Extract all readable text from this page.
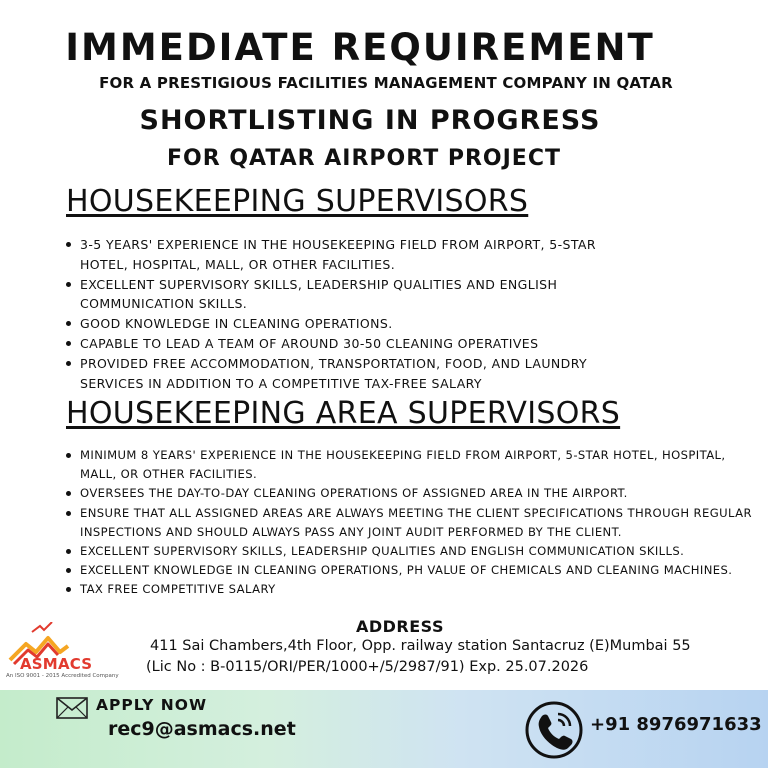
IMMEDIATE REQUIREMENT
FOR A PRESTIGIOUS FACILITIES MANAGEMENT COMPANY IN QATAR
SHORTLISTING IN PROGRESS
FOR QATAR AIRPORT PROJECT
HOUSEKEEPING SUPERVISORS
3-5 YEARS' EXPERIENCE IN THE HOUSEKEEPING FIELD FROM AIRPORT, 5-STAR HOTEL, HOSPITAL, MALL, OR OTHER FACILITIES.
EXCELLENT SUPERVISORY SKILLS, LEADERSHIP QUALITIES AND ENGLISH COMMUNICATION SKILLS.
GOOD KNOWLEDGE IN CLEANING OPERATIONS.
CAPABLE TO LEAD A TEAM OF AROUND 30-50 CLEANING OPERATIVES
PROVIDED FREE ACCOMMODATION, TRANSPORTATION, FOOD, AND LAUNDRY SERVICES IN ADDITION TO A COMPETITIVE TAX-FREE SALARY
HOUSEKEEPING AREA SUPERVISORS
MINIMUM 8 YEARS' EXPERIENCE IN THE HOUSEKEEPING FIELD FROM AIRPORT, 5-STAR HOTEL, HOSPITAL, MALL, OR OTHER FACILITIES.
OVERSEES THE DAY-TO-DAY CLEANING OPERATIONS OF ASSIGNED AREA IN THE AIRPORT.
ENSURE THAT ALL ASSIGNED AREAS ARE ALWAYS MEETING THE CLIENT SPECIFICATIONS THROUGH REGULAR INSPECTIONS AND SHOULD ALWAYS PASS ANY JOINT AUDIT PERFORMED BY THE CLIENT.
EXCELLENT SUPERVISORY SKILLS, LEADERSHIP QUALITIES AND ENGLISH COMMUNICATION SKILLS.
EXCELLENT KNOWLEDGE IN CLEANING OPERATIONS, PH VALUE OF CHEMICALS AND CLEANING MACHINES.
TAX FREE COMPETITIVE SALARY
ASMACS
An ISO 9001 - 2015 Accredited Company
ADDRESS
411 Sai Chambers,4th Floor, Opp. railway station Santacruz (E)Mumbai 55
(Lic No : B-0115/ORI/PER/1000+/5/2987/91) Exp. 25.07.2026
APPLY NOW
rec9@asmacs.net	+91 8976971633
